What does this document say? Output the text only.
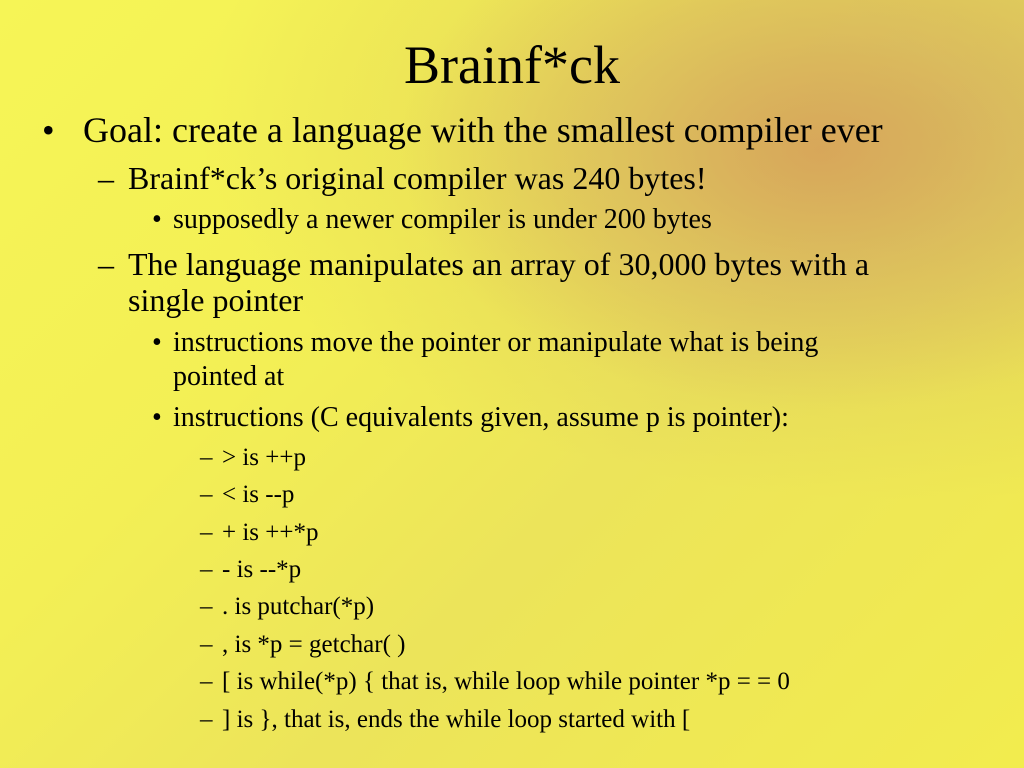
Brainf*ck
• Goal: create a language with the smallest compiler ever
– Brainf*ck’s original compiler was 240 bytes!
• supposedly a newer compiler is under 200 bytes
– The language manipulates an array of 30,000 bytes with a
single pointer
• instructions move the pointer or manipulate what is being
pointed at
• instructions (C equivalents given, assume p is pointer):
– > is ++p
– < is --p
– + is ++*p
– - is --*p
– . is putchar(*p)
– , is *p = getchar( )
– [ is while(*p) { that is, while loop while pointer *p = = 0
– ] is }, that is, ends the while loop started with [
